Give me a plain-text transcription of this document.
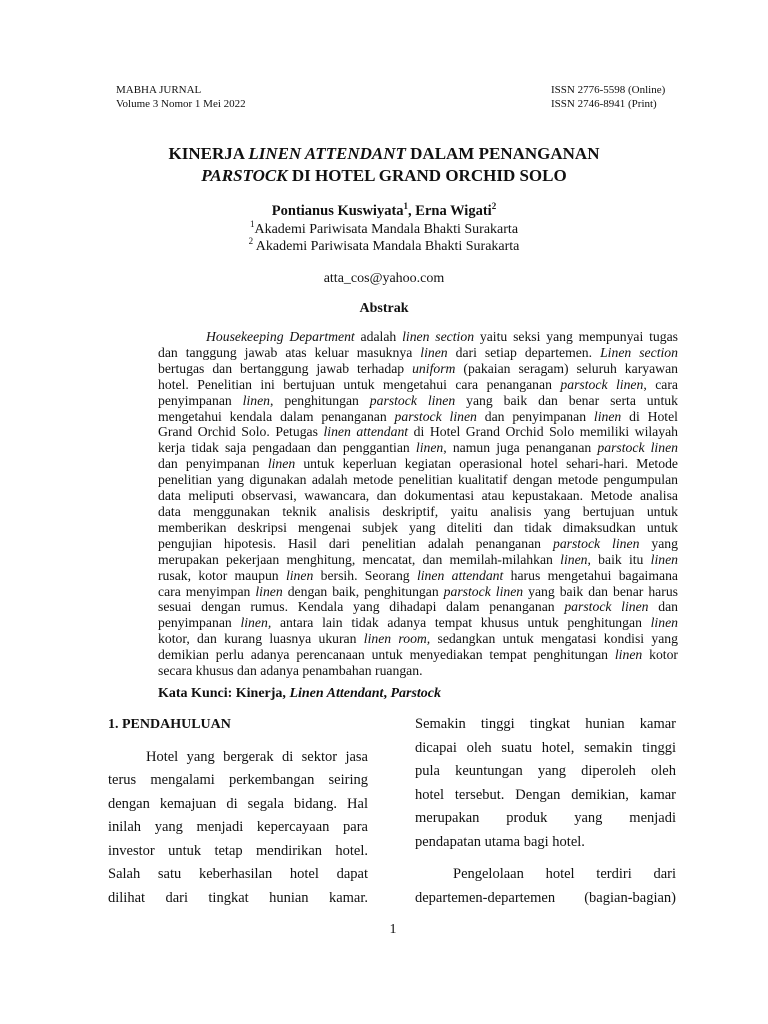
MABHA JURNAL
Volume 3 Nomor 1 Mei 2022
ISSN 2776-5598 (Online)
ISSN 2746-8941 (Print)
KINERJA LINEN ATTENDANT DALAM PENANGANAN
PARSTOCK DI HOTEL GRAND ORCHID SOLO
Pontianus Kuswiyata$^1$, Erna Wigati$^2$
$^1$Akademi Pariwisata Mandala Bhakti Surakarta
$^2$ Akademi Pariwisata Mandala Bhakti Surakarta
atta_cos@yahoo.com
Abstrak
Housekeeping Department adalah linen section yaitu seksi yang mempunyai tugas
dan tanggung jawab atas keluar masuknya linen dari setiap departemen. Linen section
bertugas dan bertanggung jawab terhadap uniform (pakaian seragam) seluruh karyawan
hotel. Penelitian ini bertujuan untuk mengetahui cara penanganan parstock linen, cara
penyimpanan linen, penghitungan parstock linen yang baik dan benar serta untuk
mengetahui kendala dalam penanganan parstock linen dan penyimpanan linen di Hotel
Grand Orchid Solo. Petugas linen attendant di Hotel Grand Orchid Solo memiliki wilayah
kerja tidak saja pengadaan dan penggantian linen, namun juga penanganan parstock linen
dan penyimpanan linen untuk keperluan kegiatan operasional hotel sehari-hari. Metode
penelitian yang digunakan adalah metode penelitian kualitatif dengan metode pengumpulan
data meliputi observasi, wawancara, dan dokumentasi atau kepustakaan. Metode analisa
data menggunakan teknik analisis deskriptif, yaitu analisis yang bertujuan untuk
memberikan deskripsi mengenai subjek yang diteliti dan tidak dimaksudkan untuk
pengujian hipotesis. Hasil dari penelitian adalah penanganan parstock linen yang
merupakan pekerjaan menghitung, mencatat, dan memilah-milahkan linen, baik itu linen
rusak, kotor maupun linen bersih. Seorang linen attendant harus mengetahui bagaimana
cara menyimpan linen dengan baik, penghitungan parstock linen yang baik dan benar harus
sesuai dengan rumus. Kendala yang dihadapi dalam penanganan parstock linen dan
penyimpanan linen, antara lain tidak adanya tempat khusus untuk penghitungan linen
kotor, dan kurang luasnya ukuran linen room, sedangkan untuk mengatasi kondisi yang
demikian perlu adanya perencanaan untuk menyediakan tempat penghitungan linen kotor
secara khusus dan adanya penambahan ruangan.
Kata Kunci: Kinerja, Linen Attendant, Parstock
1. PENDAHULUAN
Hotel yang bergerak di sektor jasa
terus mengalami perkembangan seiring
dengan kemajuan di segala bidang. Hal
inilah yang menjadi kepercayaan para
investor untuk tetap mendirikan hotel.
Salah satu keberhasilan hotel dapat
dilihat dari tingkat hunian kamar.
Semakin tinggi tingkat hunian kamar
dicapai oleh suatu hotel, semakin tinggi
pula keuntungan yang diperoleh oleh
hotel tersebut. Dengan demikian, kamar
merupakan produk yang menjadi
pendapatan utama bagi hotel.
Pengelolaan hotel terdiri dari
departemen-departemen (bagian-bagian)
1
